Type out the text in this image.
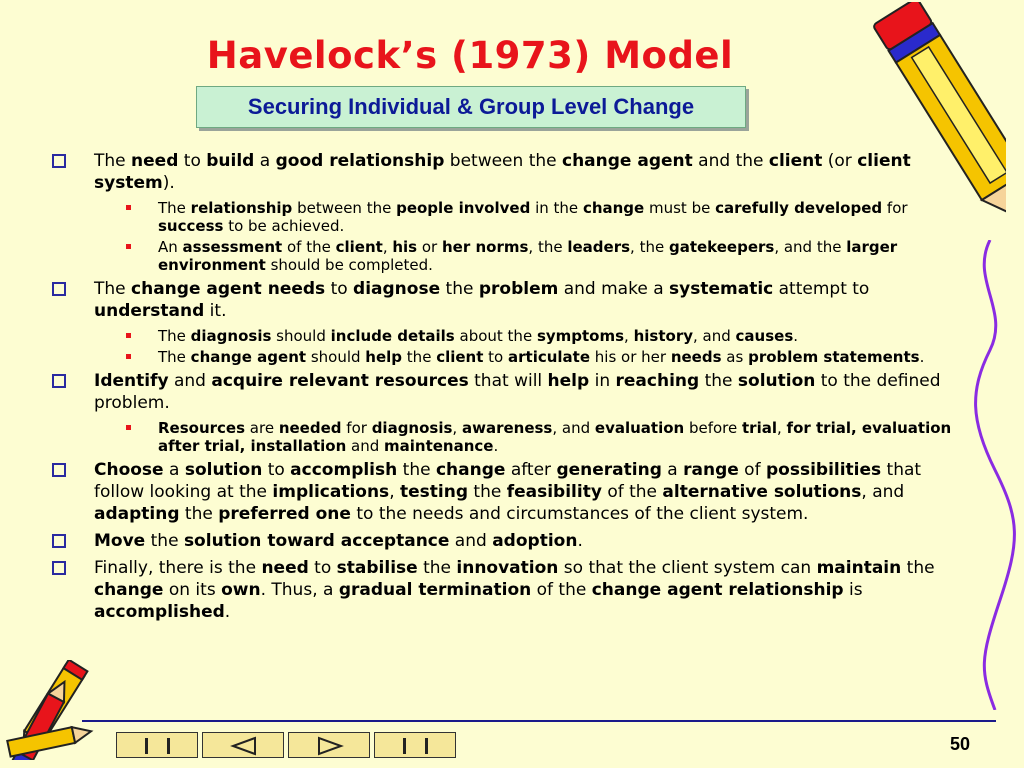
Havelock’s (1973) Model
Securing Individual & Group Level Change
The need to build a good relationship between the change agent and the client (or client system).
The relationship between the people involved in the change must be carefully developed for success to be achieved.
An assessment of the client, his or her norms, the leaders, the gatekeepers, and the larger environment should be completed.
The change agent needs to diagnose the problem and make a systematic attempt to understand it.
The diagnosis should include details about the symptoms, history, and causes.
The change agent should help the client to articulate his or her needs as problem statements.
Identify and acquire relevant resources that will help in reaching the solution to the defined problem.
Resources are needed for diagnosis, awareness, and evaluation before trial, for trial, evaluation after trial, installation and maintenance.
Choose a solution to accomplish the change after generating a range of possibilities that follow looking at the implications, testing the feasibility of the alternative solutions, and adapting the preferred one to the needs and circumstances of the client system.
Move the solution toward acceptance and adoption.
Finally, there is the need to stabilise the innovation so that the client system can maintain the change on its own. Thus, a gradual termination of the change agent relationship is accomplished.
50
